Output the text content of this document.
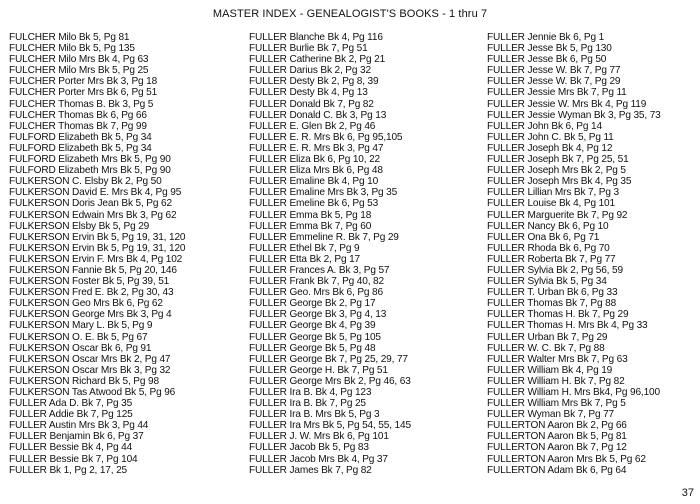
MASTER INDEX - GENEALOGIST'S BOOKS - 1 thru 7
FULCHER Milo Bk 5, Pg 81
FULCHER Milo Bk 5, Pg 135
FULCHER Milo Mrs Bk 4, Pg 63
FULCHER Milo Mrs Bk 5, Pg 25
FULCHER Porter Mrs Bk 3, Pg 18
FULCHER Porter Mrs Bk 6, Pg 51
FULCHER Thomas B. Bk 3, Pg 5
FULCHER Thomas Bk 6, Pg 66
FULCHER Thomas Bk 7, Pg 99
FULFORD Elizabeth Bk 5, Pg 34
FULFORD Elizabeth Bk 5, Pg 34
FULFORD Elizabeth Mrs Bk 5, Pg 90
FULFORD Elizabeth Mrs Bk 5, Pg 90
FULKERSON C. Elsby Bk 2, Pg 50
FULKERSON David E. Mrs Bk 4, Pg 95
FULKERSON Doris Jean Bk 5, Pg 62
FULKERSON Edwain Mrs Bk 3, Pg 62
FULKERSON Elsby Bk 5, Pg 29
FULKERSON Ervin Bk 5, Pg 19, 31, 120
FULKERSON Ervin Bk 5, Pg 19, 31, 120
FULKERSON Ervin F. Mrs Bk 4, Pg 102
FULKERSON Fannie Bk 5, Pg 20, 146
FULKERSON Foster Bk 5, Pg 39, 51
FULKERSON Fred E. Bk 2, Pg 30, 43
FULKERSON Geo Mrs Bk 6, Pg 62
FULKERSON George Mrs Bk 3, Pg 4
FULKERSON Mary L. Bk 5, Pg 9
FULKERSON O. E. Bk 5, Pg 67
FULKERSON Oscar Bk 6, Pg 91
FULKERSON Oscar Mrs Bk 2, Pg 47
FULKERSON Oscar Mrs Bk 3, Pg 32
FULKERSON Richard Bk 5, Pg 98
FULKERSON Tas Atwood Bk 5, Pg 96
FULLER Ada D. Bk 7, Pg 35
FULLER Addie Bk 7, Pg 125
FULLER Austin Mrs Bk 3, Pg 44
FULLER Benjamin Bk 6, Pg 37
FULLER Bessie Bk 4, Pg 44
FULLER Bessie Bk 7, Pg 104
FULLER Bk 1, Pg 2, 17, 25
FULLER Blanche Bk 4, Pg 116
FULLER Burlie Bk 7, Pg 51
FULLER Catherine Bk 2, Pg 21
FULLER Darius Bk 2, Pg 32
FULLER Desty Bk 2, Pg 8, 39
FULLER Desty Bk 4, Pg 13
FULLER Donald Bk 7, Pg 82
FULLER Donald C. Bk 3, Pg 13
FULLER E. Glen Bk 2, Pg 46
FULLER E. R. Mrs Bk 6, Pg 95,105
FULLER E. R. Mrs Bk 3, Pg 47
FULLER Eliza Bk 6, Pg 10, 22
FULLER Eliza Mrs Bk 6, Pg 48
FULLER Emaline Bk 4, Pg 10
FULLER Emaline Mrs Bk 3, Pg 35
FULLER Emeline Bk 6, Pg 53
FULLER Emma Bk 5, Pg 18
FULLER Emma Bk 7, Pg 60
FULLER Emmeline R. Bk 7, Pg 29
FULLER Ethel Bk 7, Pg 9
FULLER Etta Bk 2, Pg 17
FULLER Frances A. Bk 3, Pg 57
FULLER Frank Bk 7, Pg 40, 82
FULLER Geo. Mrs Bk 6, Pg 86
FULLER George Bk 2, Pg 17
FULLER George Bk 3, Pg 4, 13
FULLER George Bk 4, Pg 39
FULLER George Bk 5, Pg 105
FULLER George Bk 5, Pg 48
FULLER George Bk 7, Pg 25, 29, 77
FULLER George H. Bk 7, Pg 51
FULLER George Mrs Bk 2, Pg 46, 63
FULLER Ira B. Bk 4, Pg 123
FULLER Ira B. Bk 7, Pg 25
FULLER Ira B. Mrs Bk 5, Pg 3
FULLER Ira Mrs Bk 5, Pg 54, 55, 145
FULLER J. W. Mrs Bk 6, Pg 101
FULLER Jacob Bk 5, Pg 83
FULLER Jacob Mrs Bk 4, Pg 37
FULLER James Bk 7, Pg 82
FULLER Jennie Bk 6, Pg 1
FULLER Jesse Bk 5, Pg 130
FULLER Jesse Bk 6, Pg 50
FULLER Jesse W. Bk 7, Pg 77
FULLER Jesse W. Bk 7, Pg 29
FULLER Jessie Mrs Bk 7, Pg 11
FULLER Jessie W. Mrs Bk 4, Pg 119
FULLER Jessie Wyman Bk 3, Pg 35, 73
FULLER John Bk 6, Pg 14
FULLER John C. Bk 5, Pg 11
FULLER Joseph Bk 4, Pg 12
FULLER Joseph Bk 7, Pg 25, 51
FULLER Joseph Mrs Bk 2, Pg 5
FULLER Joseph Mrs Bk 4, Pg 35
FULLER Lillian Mrs Bk 7, Pg 3
FULLER Louise Bk 4, Pg 101
FULLER Marguerite Bk 7, Pg 92
FULLER Nancy Bk 6, Pg 10
FULLER Ona Bk 6, Pg 71
FULLER Rhoda Bk 6, Pg 70
FULLER Roberta Bk 7, Pg 77
FULLER Sylvia Bk 2, Pg 56, 59
FULLER Sylvia Bk 5, Pg 34
FULLER T. Urban Bk 6, Pg 33
FULLER Thomas Bk 7, Pg 88
FULLER Thomas H. Bk 7, Pg 29
FULLER Thomas H. Mrs Bk 4, Pg 33
FULLER Urban Bk 7, Pg 29
FULLER W. C. Bk 7, Pg 88
FULLER Walter Mrs Bk 7, Pg 63
FULLER William Bk 4, Pg 19
FULLER William H. Bk 7, Pg 82
FULLER William H. Mrs Bk4, Pg 96,100
FULLER William Mrs Bk 7, Pg 5
FULLER Wyman Bk 7, Pg 77
FULLERTON Aaron Bk 2, Pg 66
FULLERTON Aaron Bk 5, Pg 81
FULLERTON Aaron Bk 7, Pg 12
FULLERTON Aaron Mrs Bk 5, Pg 62
FULLERTON Adam Bk 6, Pg 64
37
